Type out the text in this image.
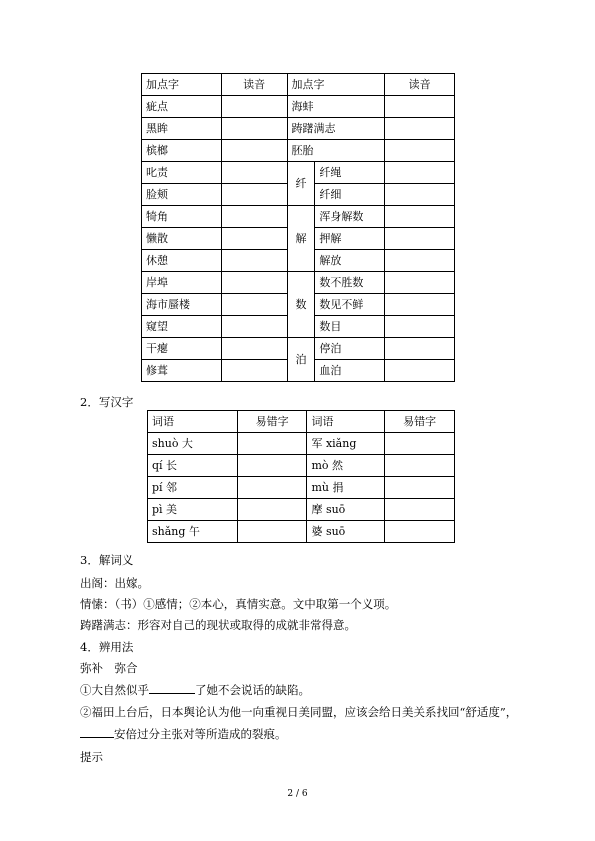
加点字	读音	加点字		读音
疵点		海蚌		
黑眸		踌躇满志		
槟榔		胚胎		
叱责		纤	纤绳	
脸颊			纤细	
犄角		解	浑身解数	
懒散			押解	
休憩			解放	
岸埠		数	数不胜数	
海市蜃楼			数见不鲜	
窥望			数目	
干瘪		泊	停泊	
修葺			血泊	
2．写汉字
词语	易错字	词语	易错字
shuò 大		军 xiǎng	
qí 长		mò 然	
pí 邻		mù 捐	
pì 美		摩 suō	
shǎng 午		婆 suō	
3．解词义
出阁：出嫁。
情愫：（书）①感情；②本心，真情实意。文中取第一个义项。
踌躇满志：形容对自己的现状或取得的成就非常得意。
4．辨用法
弥补　弥合
①大自然似乎	了她不会说话的缺陷。
②福田上台后，日本舆论认为他一向重视日美同盟，应该会给日美关系找回“舒适度”，
安倍过分主张对等所造成的裂痕。
提示
2 / 6
